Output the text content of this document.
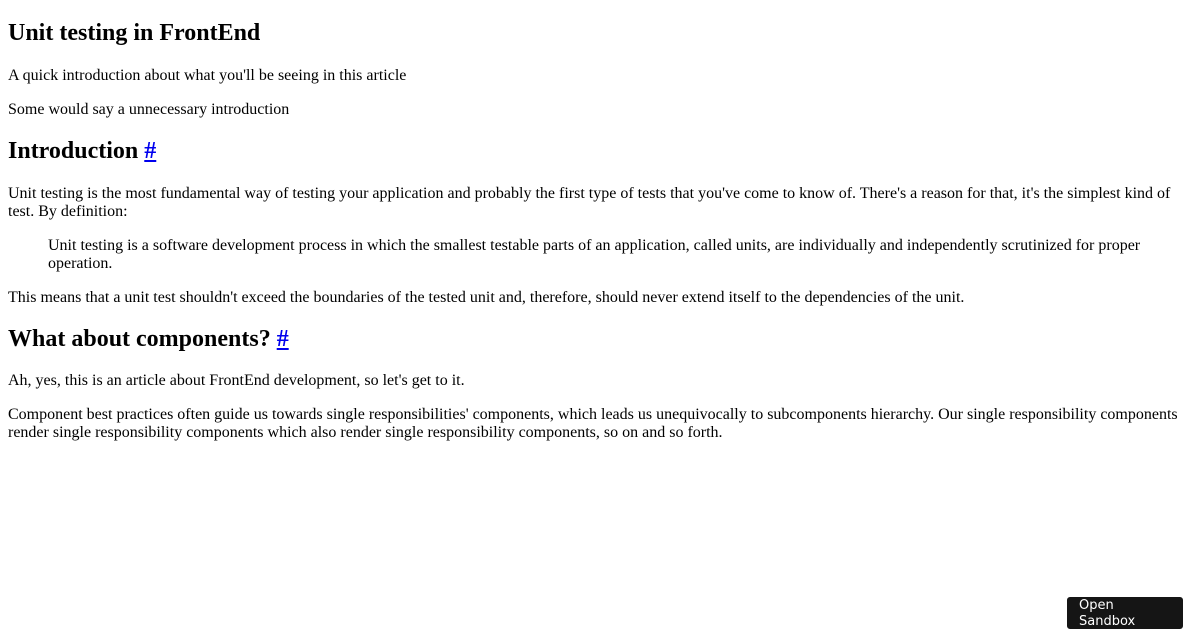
Unit testing in FrontEnd

A quick introduction about what you'll be seeing in this article

Some would say a unnecessary introduction

Introduction #

Unit testing is the most fundamental way of testing your application and probably the first type of tests that you've come to know of. There's a reason for that, it's the simplest kind of test. By definition:

Unit testing is a software development process in which the smallest testable parts of an application, called units, are individually and independently scrutinized for proper operation.

This means that a unit test shouldn't exceed the boundaries of the tested unit and, therefore, should never extend itself to the dependencies of the unit.

What about components? #

Ah, yes, this is an article about FrontEnd development, so let's get to it.

Component best practices often guide us towards single responsibilities' components, which leads us unequivocally to subcomponents hierarchy. Our single responsibility components render single responsibility components which also render single responsibility components, so on and so forth.

Open Sandbox
